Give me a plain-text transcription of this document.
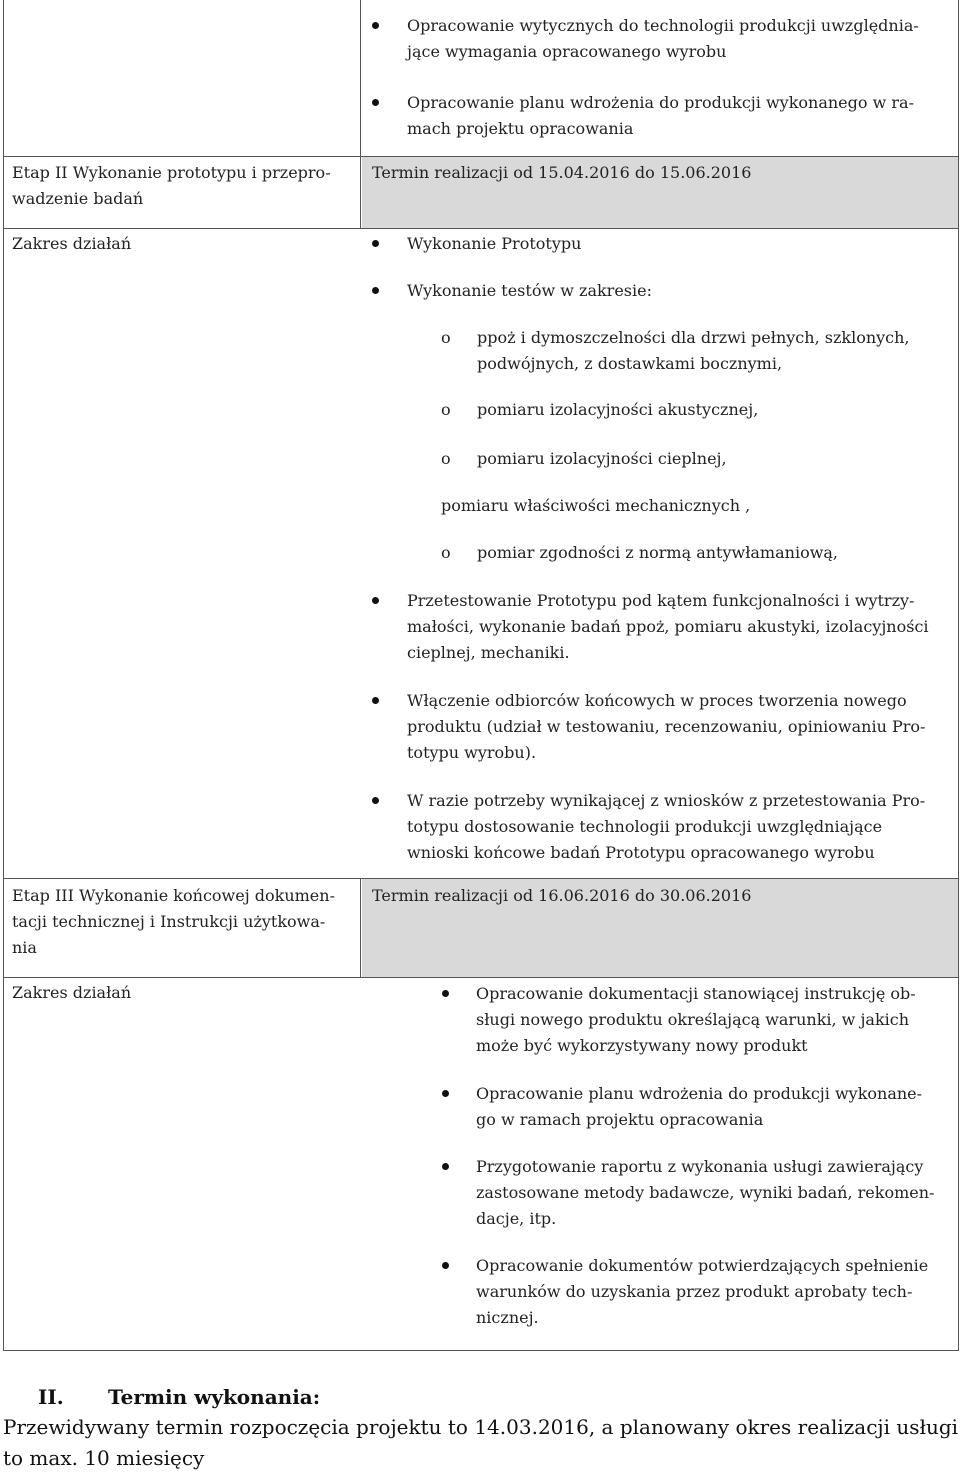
Opracowanie wytycznych do technologii produkcji uwzględnia-
jące wymagania opracowanego wyrobu
Opracowanie planu wdrożenia do produkcji wykonanego w ra-
mach projektu opracowania
Etap II Wykonanie prototypu i przepro-
wadzenie badań
Termin realizacji od 15.04.2016 do 15.06.2016
Zakres działań	Wykonanie Prototypu
Wykonanie testów w zakresie:
o ppoż i dymoszczelności dla drzwi pełnych, szklonych,
podwójnych, z dostawkami bocznymi,
o pomiaru izolacyjności akustycznej,
o pomiaru izolacyjności cieplnej,
pomiaru właściwości mechanicznych ,
o pomiar zgodności z normą antywłamaniową,
Przetestowanie Prototypu pod kątem funkcjonalności i wytrzy-
małości, wykonanie badań ppoż, pomiaru akustyki, izolacyjności
cieplnej, mechaniki.
Włączenie odbiorców końcowych w proces tworzenia nowego
produktu (udział w testowaniu, recenzowaniu, opiniowaniu Pro-
totypu wyrobu).
W razie potrzeby wynikającej z wniosków z przetestowania Pro-
totypu dostosowanie technologii produkcji uwzględniające
wnioski końcowe badań Prototypu opracowanego wyrobu
Etap III Wykonanie końcowej dokumen-
tacji technicznej i Instrukcji użytkowa-
nia
Termin realizacji od 16.06.2016 do 30.06.2016
Zakres działań	Opracowanie dokumentacji stanowiącej instrukcję ob-
sługi nowego produktu określającą warunki, w jakich
może być wykorzystywany nowy produkt
Opracowanie planu wdrożenia do produkcji wykonane-
go w ramach projektu opracowania
Przygotowanie raportu z wykonania usługi zawierający
zastosowane metody badawcze, wyniki badań, rekomen-
dacje, itp.
Opracowanie dokumentów potwierdzających spełnienie
warunków do uzyskania przez produkt aprobaty tech-
nicznej.
II. Termin wykonania:
Przewidywany termin rozpoczęcia projektu to 14.03.2016, a planowany okres realizacji usługi
to max. 10 miesięcy
